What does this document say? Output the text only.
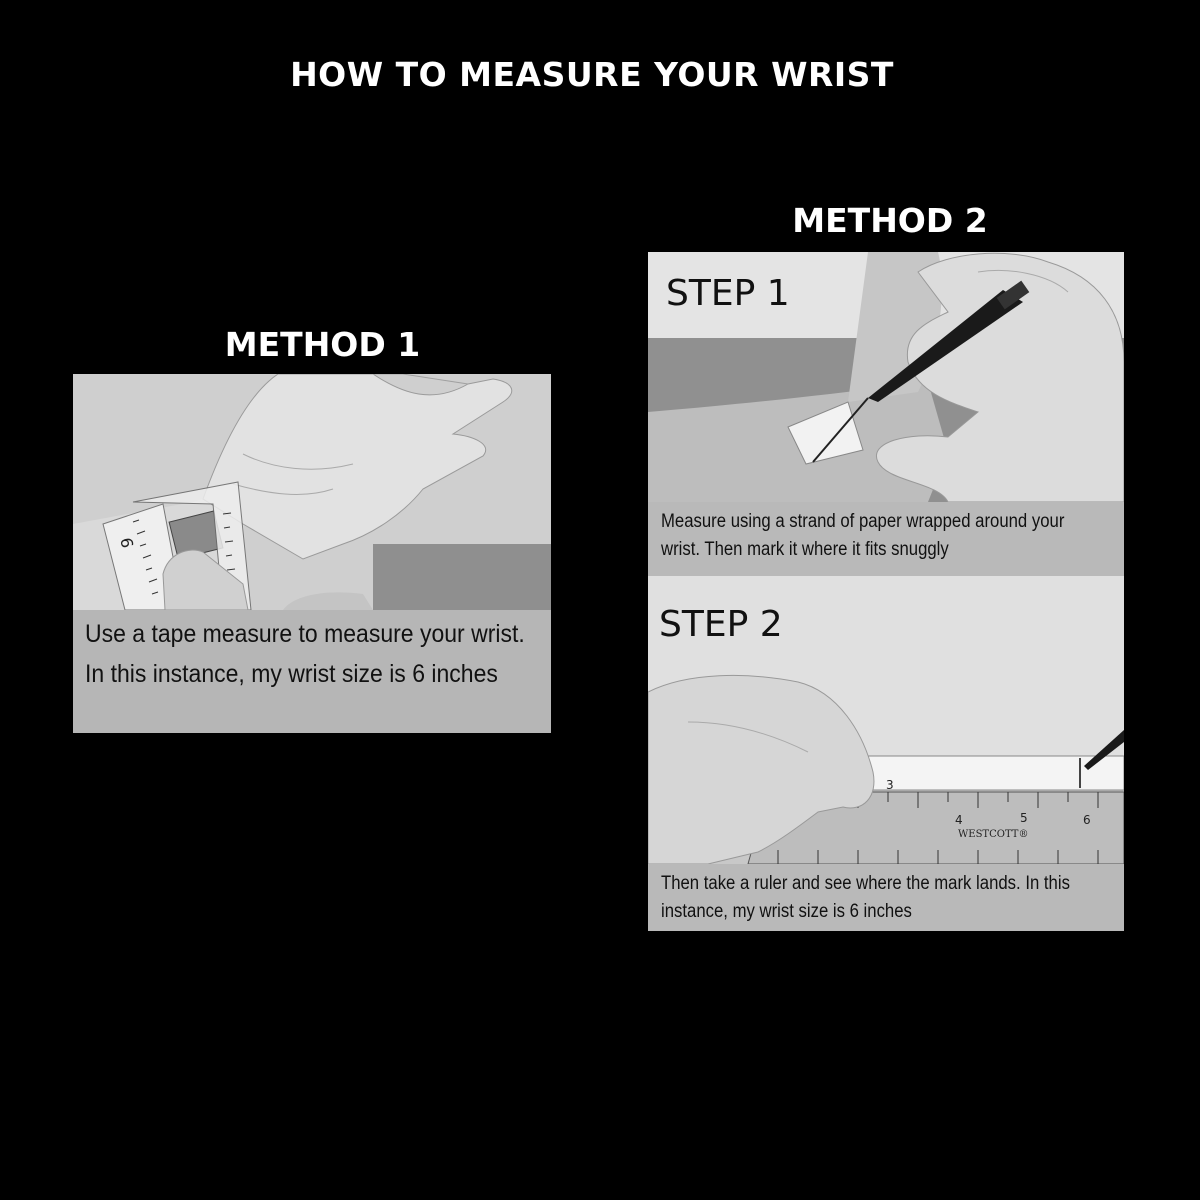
HOW TO MEASURE YOUR WRIST
METHOD 1
METHOD 2
6

Use a tape measure to measure your wrist. In this instance, my wrist size is 6 inches

3
4	5	6
WESTCOTT®
STEP 1

Measure using a strand of paper wrapped around your wrist. Then mark it where it fits snuggly

STEP 2

Then take a ruler and see where the mark lands. In this instance, my wrist size is 6 inches
